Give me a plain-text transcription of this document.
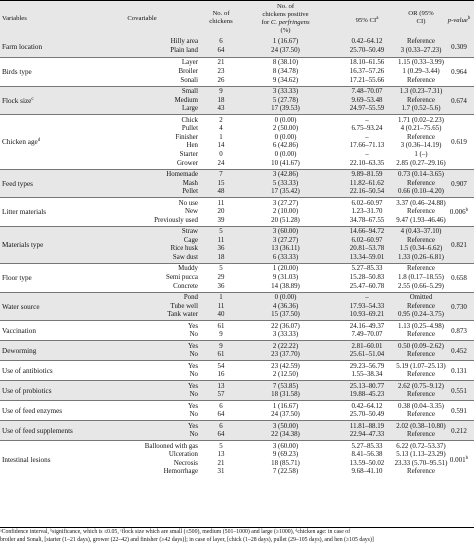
Variables	Covariable
No. of
chickens
No. of
chickens positive
for C. perfringens
(%)
95% $CI^a$
OR (95%
CI)	p-value$^b$
Farm location	0.309
Hilly area	6	1 (16.67)	0.42–64.12	Reference
Plain land	64	24 (37.50)	25.70–50.49	3 (0.33–27.23)
Birds type	0.964
Layer	21	8 (38.10)	18.10–61.56	1.15 (0.33–3.99)
Broiler	23	8 (34.78)	16.37–57.26	1 (0.29–3.44)
Sonali	26	9 (34.62)	17.21–55.66	Reference
Flock size$^c$	0.674
Small	9	3 (33.33)	7.48–70.07	1.3 (0.23–7.31)
Medium	18	5 (27.78)	9.69–53.48	Reference
Large	43	17 (39.53)	24.97–55.59	1.7 (0.52–5.6)
Chicken age$^d$	0.619
Chick	2	0 (0.00)	–	1.71 (0.02–2.23)
Pullet	4	2 (50.00)	6.75–93.24	4 (0.21–75.65)
Finisher	1	0 (0.00)	–	Reference
Hen	14	6 (42.86)	17.66–71.13	3 (0.36–14.19)
Starter	0	0 (0.00)	–	1 (–)
Grower	24	10 (41.67)	22.10–63.35	2.85 (0.27–29.16)
Feed types	0.907
Homemade	7	3 (42.86)	9.89–81.59	0.73 (0.14–3.65)
Mash	15	5 (33.33)	11.82–61.62	Reference
Pellet	48	17 (35.42)	22.16–50.54	0.66 (0.10–4.20)
Litter materials	0.006$^b$
No use	11	3 (27.27)	6.02–60.97	3.37 (0.46–24.88)
New	20	2 (10.00)	1.23–31.70	Reference
Previously used	39	20 (51.28)	34.78–67.55	9.47 (1.93–46.46)
Materials type	0.821
Straw	5	3 (60.00)	14.66–94.72	4 (0.43–37.10)
Cage	11	3 (27.27)	6.02–60.97	Reference
Rice husk	36	13 (36.11)	20.81–53.78	1.5 (0.34–6.62)
Saw dust	18	6 (33.33)	13.34–59.01	1.33 (0.26–6.81)
Floor type	0.658
Muddy	5	1 (20.00)	5.27–85.33	Reference
Semi pucca	29	9 (31.03)	15.28–50.83	1.8 (0.17–18.55)
Concrete	36	14 (38.89)	25.47–60.78	2.55 (0.66–5.29)
Water source	0.730
Pond	1	0 (0.00)	–	Omitted
Tube well	11	4 (36.36)	17.93–54.33	Reference
Tank water	40	15 (37.50)	10.93–69.21	0.95 (0.24–3.75)
Vaccination	0.873
Yes	61	22 (36.07)	24.16–49.37	1.13 (0.25–4.98)
No	9	3 (33.33)	7.49–70.07	Reference
Deworming	0.452
Yes	9	2 (22.22)	2.81–60.01	0.50 (0.09–2.62)
No	61	23 (37.70)	25.61–51.04	Reference
Use of antibiotics	0.131
Yes	54	23 (42.59)	29.23–56.79	5.19 (1.07–25.13)
No	16	2 (12.50)	1.55–38.34	Reference
Use of probiotics	0.551
Yes	13	7 (53.85)	25.13–80.77	2.62 (0.75–9.12)
No	57	18 (31.58)	19.88–45.23	Reference
Use of feed enzymes	0.591
Yes	6	1 (16.67)	0.42–64.12	0.38 (0.04–3.35)
No	64	24 (37.50)	25.70–50.49	Reference
Use of feed supplements	0.212
Yes	6	3 (50.00)	11.81–88.19	2.02 (0.38–10.80)
No	64	22 (34.38)	22.94–47.33	Reference
Intestinal lesions	0.001$^b$
Ballooned with gas	5	3 (60.00)	5.27–85.33	6.22 (0.72–53.37)
Ulceration	13	9 (69.23)	8.41–56.38	5.13 (1.13–23.29)
Necrosis	21	18 (85.71)	13.59–50.02	23.33 (5.70–95.51)
Hemorrhage	31	7 (22.58)	9.68–41.10	Reference
ᵃConfidence interval, ᵇsignificance, which is ≤0.05, ᶜflock size which are small (≤500), medium (501–1000) and large (≥1000), ᵈchicken age: in case of
broiler and Sonali, [starter (1–21 days), grower (22–42) and finisher (≥42 days)]; in case of layer, [chick (1–28 days), pullet (29–105 days), and hen (≥105 days)]
